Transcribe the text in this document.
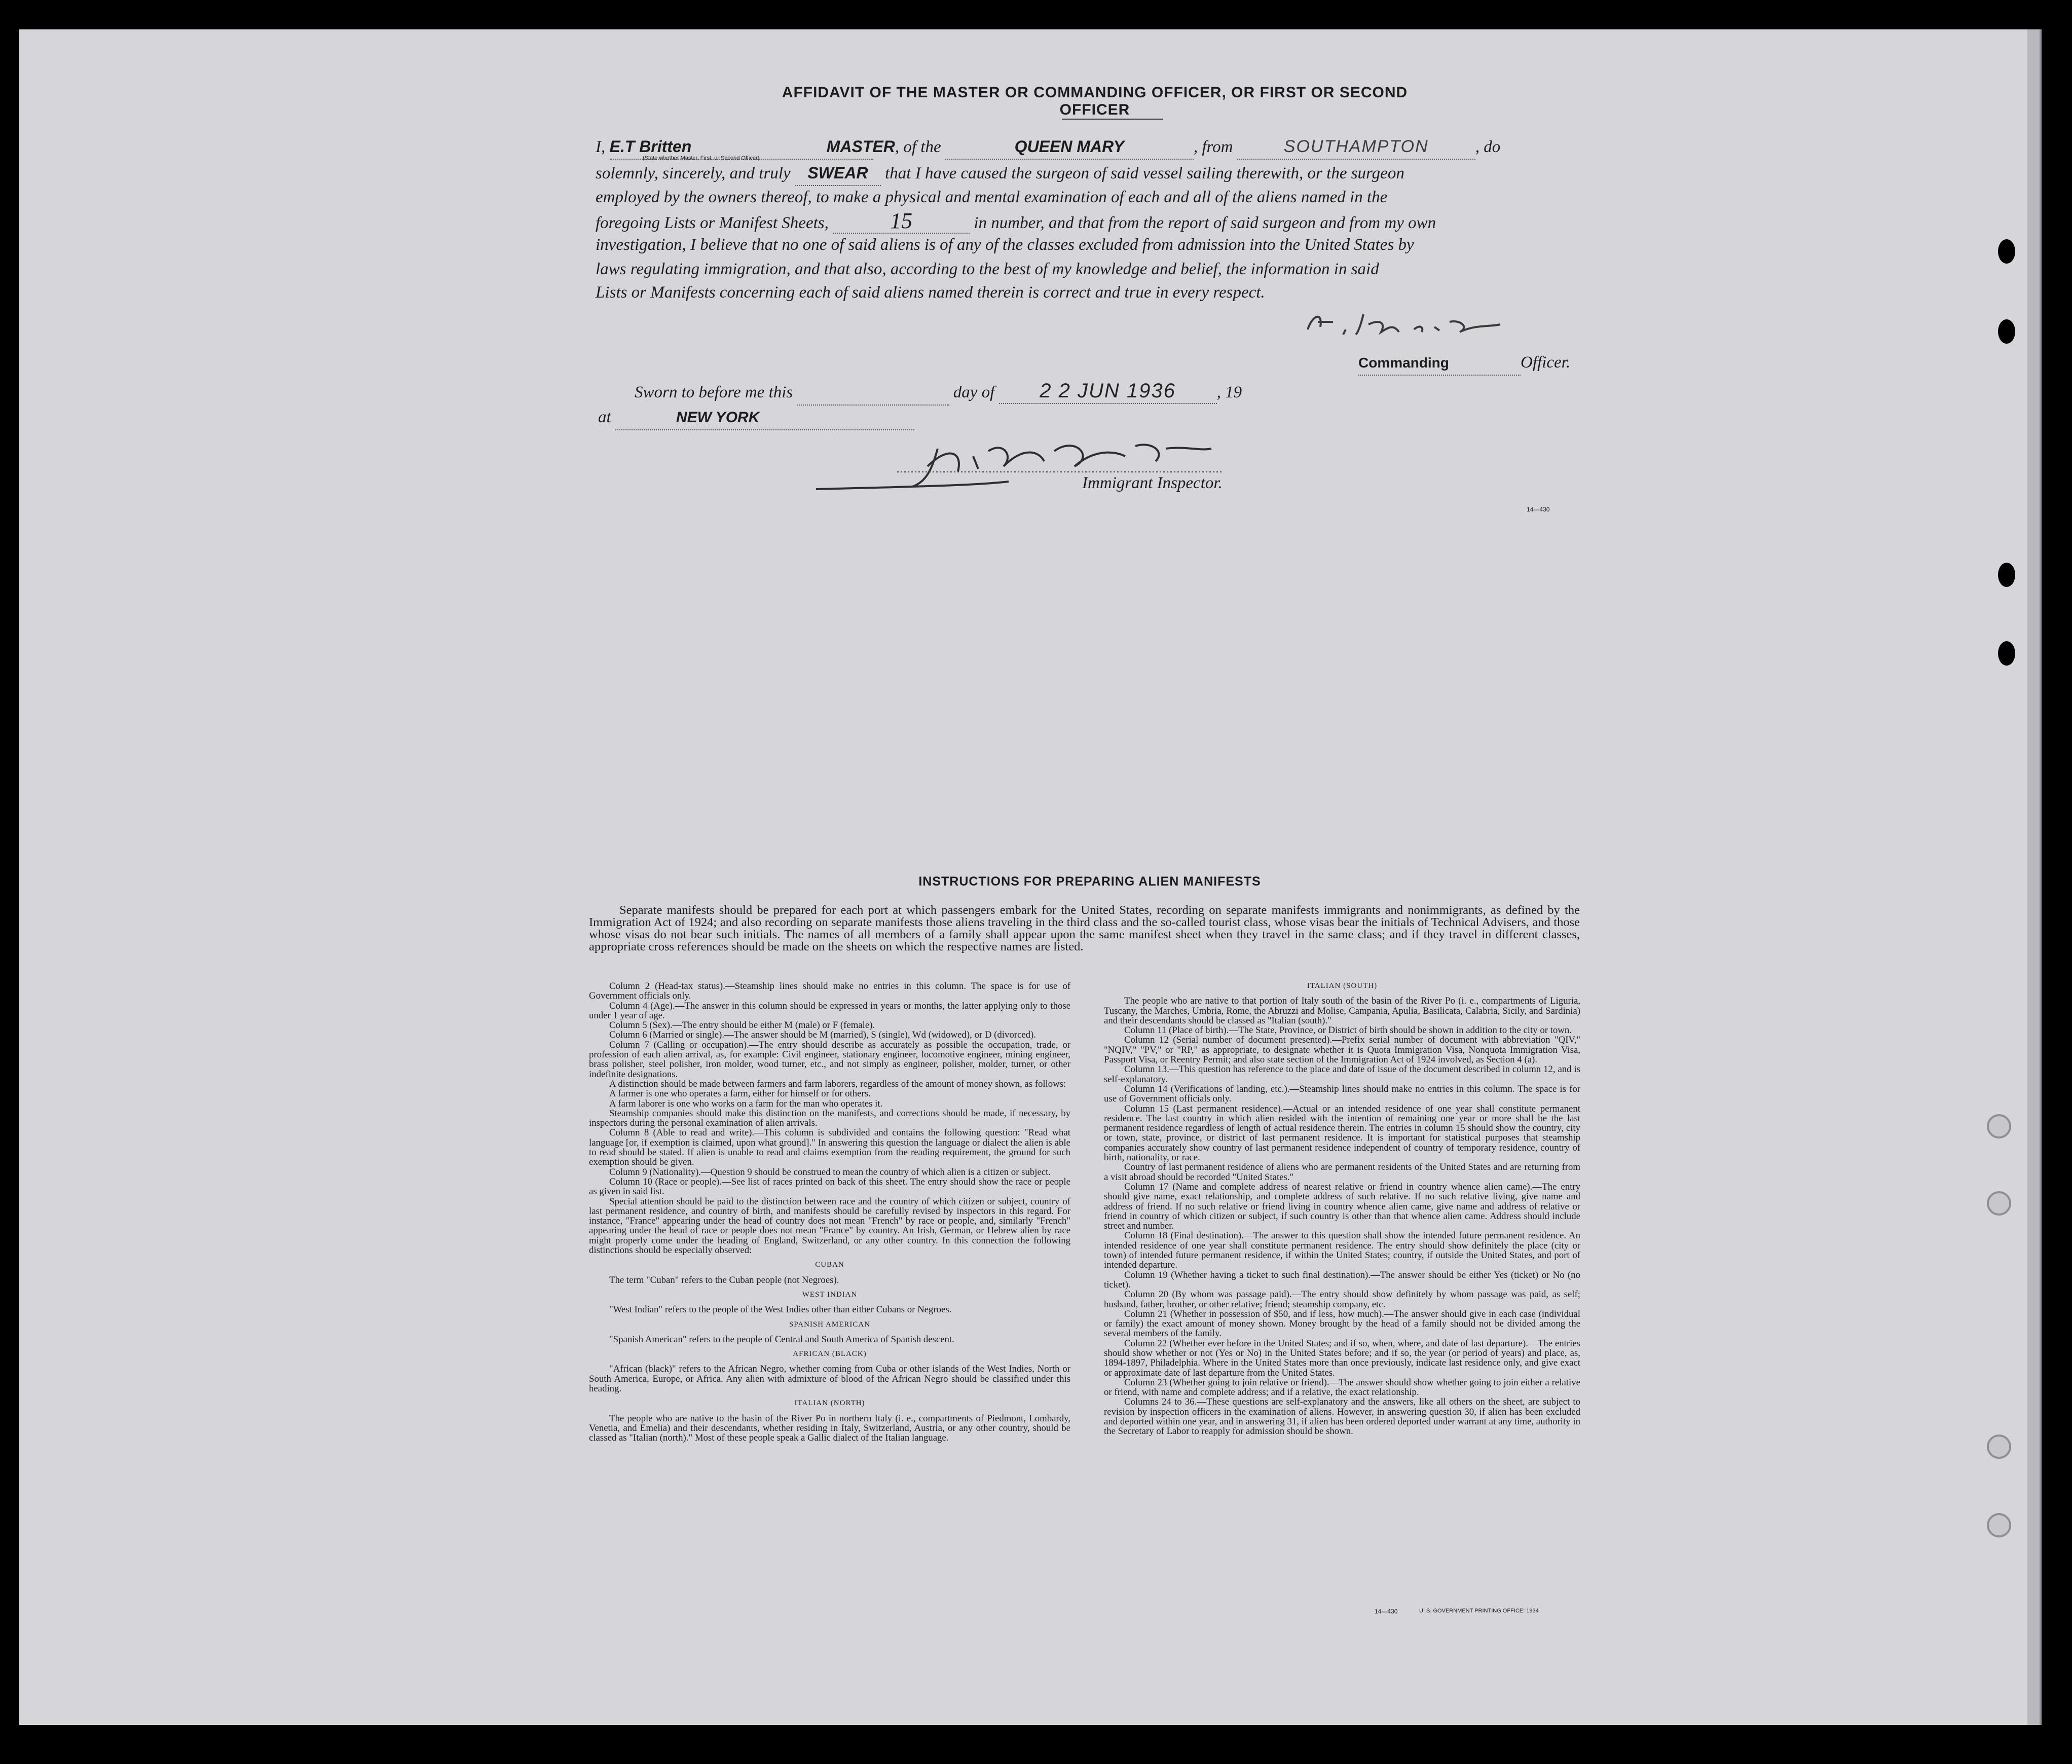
AFFIDAVIT OF THE MASTER OR COMMANDING OFFICER, OR FIRST OR SECOND OFFICER
I, E.T Britten	MASTER, of the	QUEEN MARY	, from	SOUTHAMPTON	, do
(State whether Master, First, or Second Officer)
solemnly, sincerely, and truly SWEAR that I have caused the surgeon of said vessel sailing therewith, or the surgeon
employed by the owners thereof, to make a physical and mental examination of each and all of the aliens named in the
foregoing Lists or Manifest Sheets,	15	in number, and that from the report of said surgeon and from my own
investigation, I believe that no one of said aliens is of any of the classes excluded from admission into the United States by
laws regulating immigration, and that also, according to the best of my knowledge and belief, the information in said
Lists or Manifests concerning each of said aliens named therein is correct and true in every respect.
Commanding	Officer.
Sworn to before me this	day of 2 2 JUN 1936 , 19
at	NEW YORK
Immigrant Inspector.
14—430
INSTRUCTIONS FOR PREPARING ALIEN MANIFESTS
Separate manifests should be prepared for each port at which passengers embark for the United States, recording on separate manifests immigrants and nonimmigrants, as defined by the Immigration Act of 1924; and also recording on separate manifests those aliens traveling in the third class and the so-called tourist class, whose visas bear the initials of Technical Advisers, and those whose visas do not bear such initials. The names of all members of a family shall appear upon the same manifest sheet when they travel in the same class; and if they travel in different classes, appropriate cross references should be made on the sheets on which the respective names are listed.

Column 2 (Head-tax status).—Steamship lines should make no entries in this column. The space is for use of Government officials only.

Column 4 (Age).—The answer in this column should be expressed in years or months, the latter applying only to those under 1 year of age.

Column 5 (Sex).—The entry should be either M (male) or F (female).

Column 6 (Married or single).—The answer should be M (married), S (single), Wd (widowed), or D (divorced).

Column 7 (Calling or occupation).—The entry should describe as accurately as possible the occupation, trade, or profession of each alien arrival, as, for example: Civil engineer, stationary engineer, locomotive engineer, mining engineer, brass polisher, steel polisher, iron molder, wood turner, etc., and not simply as engineer, polisher, molder, turner, or other indefinite designations.

A distinction should be made between farmers and farm laborers, regardless of the amount of money shown, as follows:

A farmer is one who operates a farm, either for himself or for others.

A farm laborer is one who works on a farm for the man who operates it.

Steamship companies should make this distinction on the manifests, and corrections should be made, if necessary, by inspectors during the personal examination of alien arrivals.

Column 8 (Able to read and write).—This column is subdivided and contains the following question: "Read what language [or, if exemption is claimed, upon what ground]." In answering this question the language or dialect the alien is able to read should be stated. If alien is unable to read and claims exemption from the reading requirement, the ground for such exemption should be given.

Column 9 (Nationality).—Question 9 should be construed to mean the country of which alien is a citizen or subject.

Column 10 (Race or people).—See list of races printed on back of this sheet. The entry should show the race or people as given in said list.

Special attention should be paid to the distinction between race and the country of which citizen or subject, country of last permanent residence, and country of birth, and manifests should be carefully revised by inspectors in this regard. For instance, "France" appearing under the head of country does not mean "French" by race or people, and, similarly "French" appearing under the head of race or people does not mean "France" by country. An Irish, German, or Hebrew alien by race might properly come under the heading of England, Switzerland, or any other country. In this connection the following distinctions should be especially observed:

CUBAN

The term "Cuban" refers to the Cuban people (not Negroes).

WEST INDIAN

"West Indian" refers to the people of the West Indies other than either Cubans or Negroes.

SPANISH AMERICAN

"Spanish American" refers to the people of Central and South America of Spanish descent.

AFRICAN (BLACK)

"African (black)" refers to the African Negro, whether coming from Cuba or other islands of the West Indies, North or South America, Europe, or Africa. Any alien with admixture of blood of the African Negro should be classified under this heading.

ITALIAN (NORTH)

The people who are native to the basin of the River Po in northern Italy (i. e., compartments of Piedmont, Lombardy, Venetia, and Emelia) and their descendants, whether residing in Italy, Switzerland, Austria, or any other country, should be classed as "Italian (north)." Most of these people speak a Gallic dialect of the Italian language.

ITALIAN (SOUTH)

The people who are native to that portion of Italy south of the basin of the River Po (i. e., compartments of Liguria, Tuscany, the Marches, Umbria, Rome, the Abruzzi and Molise, Campania, Apulia, Basilicata, Calabria, Sicily, and Sardinia) and their descendants should be classed as "Italian (south)."

Column 11 (Place of birth).—The State, Province, or District of birth should be shown in addition to the city or town.

Column 12 (Serial number of document presented).—Prefix serial number of document with abbreviation "QIV," "NQIV," "PV," or "RP," as appropriate, to designate whether it is Quota Immigration Visa, Nonquota Immigration Visa, Passport Visa, or Reentry Permit; and also state section of the Immigration Act of 1924 involved, as Section 4 (a).

Column 13.—This question has reference to the place and date of issue of the document described in column 12, and is self-explanatory.

Column 14 (Verifications of landing, etc.).—Steamship lines should make no entries in this column. The space is for use of Government officials only.

Column 15 (Last permanent residence).—Actual or an intended residence of one year shall constitute permanent residence. The last country in which alien resided with the intention of remaining one year or more shall be the last permanent residence regardless of length of actual residence therein. The entries in column 15 should show the country, city or town, state, province, or district of last permanent residence. It is important for statistical purposes that steamship companies accurately show country of last permanent residence independent of country of temporary residence, country of birth, nationality, or race.

Country of last permanent residence of aliens who are permanent residents of the United States and are returning from a visit abroad should be recorded "United States."

Column 17 (Name and complete address of nearest relative or friend in country whence alien came).—The entry should give name, exact relationship, and complete address of such relative. If no such relative living, give name and address of friend. If no such relative or friend living in country whence alien came, give name and address of relative or friend in country of which citizen or subject, if such country is other than that whence alien came. Address should include street and number.

Column 18 (Final destination).—The answer to this question shall show the intended future permanent residence. An intended residence of one year shall constitute permanent residence. The entry should show definitely the place (city or town) of intended future permanent residence, if within the United States; country, if outside the United States, and port of intended departure.

Column 19 (Whether having a ticket to such final destination).—The answer should be either Yes (ticket) or No (no ticket).

Column 20 (By whom was passage paid).—The entry should show definitely by whom passage was paid, as self; husband, father, brother, or other relative; friend; steamship company, etc.

Column 21 (Whether in possession of $50, and if less, how much).—The answer should give in each case (individual or family) the exact amount of money shown. Money brought by the head of a family should not be divided among the several members of the family.

Column 22 (Whether ever before in the United States; and if so, when, where, and date of last departure).—The entries should show whether or not (Yes or No) in the United States before; and if so, the year (or period of years) and place, as, 1894-1897, Philadelphia. Where in the United States more than once previously, indicate last residence only, and give exact or approximate date of last departure from the United States.

Column 23 (Whether going to join relative or friend).—The answer should show whether going to join either a relative or friend, with name and complete address; and if a relative, the exact relationship.

Columns 24 to 36.—These questions are self-explanatory and the answers, like all others on the sheet, are subject to revision by inspection officers in the examination of aliens. However, in answering question 30, if alien has been excluded and deported within one year, and in answering 31, if alien has been ordered deported under warrant at any time, authority in the Secretary of Labor to reapply for admission should be shown.

14—430	U. S. GOVERNMENT PRINTING OFFICE: 1934
